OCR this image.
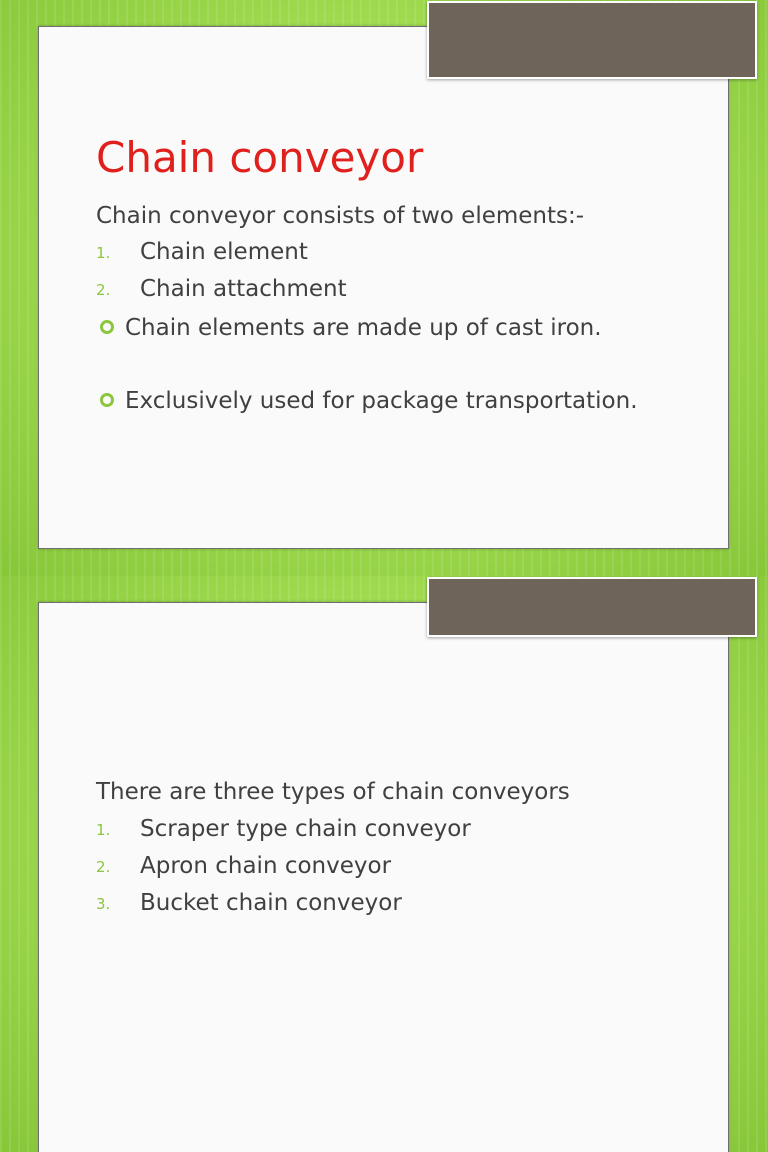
Chain conveyor

Chain conveyor consists of two elements:-

1. Chain element
2. Chain attachment
Chain elements are made up of cast iron.
Exclusively used for package transportation.

There are three types of chain conveyors

1. Scraper type chain conveyor
2. Apron chain conveyor
3. Bucket chain conveyor
